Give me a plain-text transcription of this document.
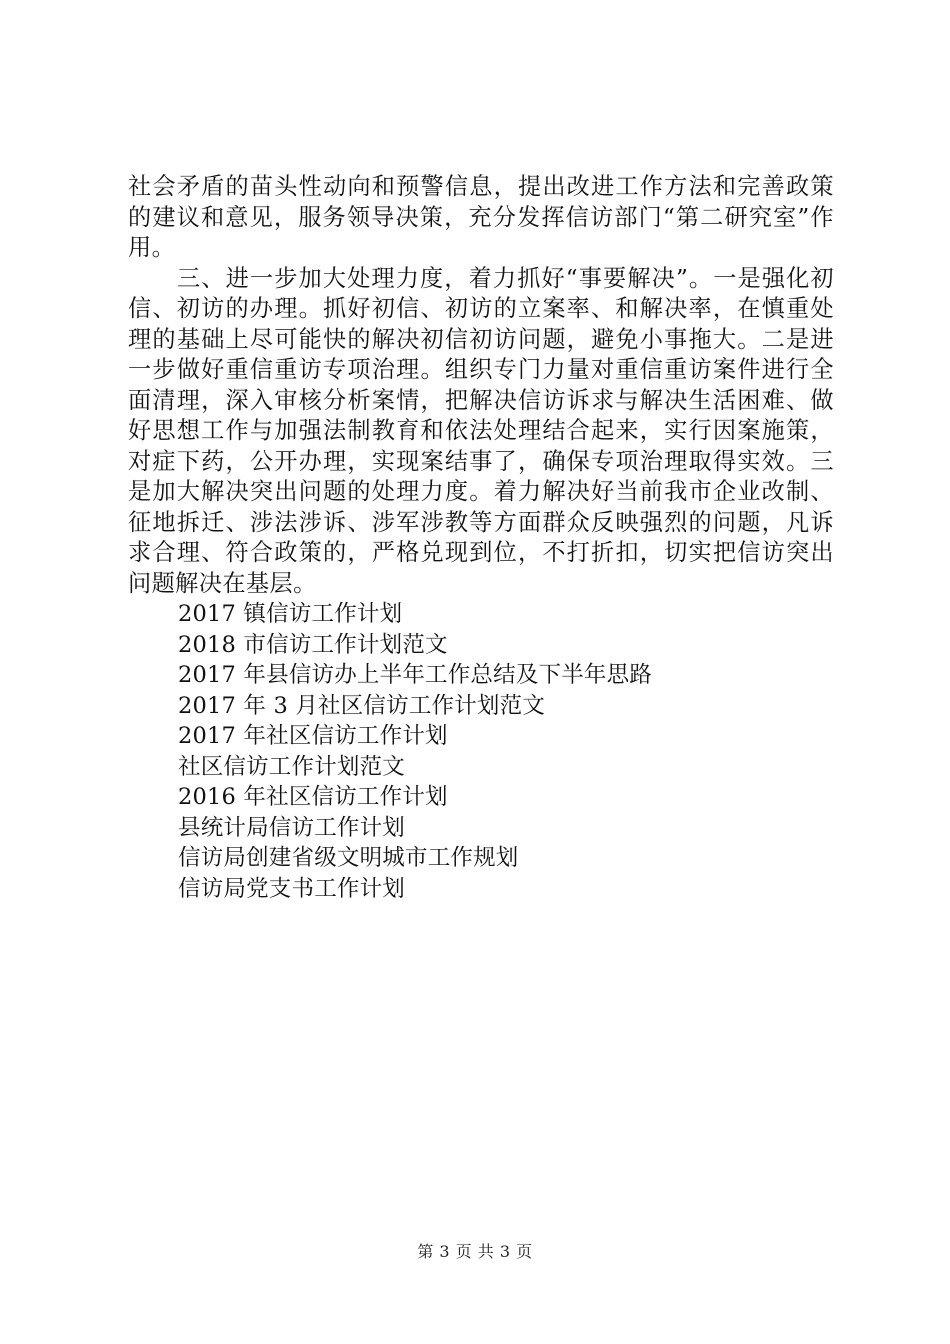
社会矛盾的苗头性动向和预警信息，提出改进工作方法和完善政策的建议和意见，服务领导决策，充分发挥信访部门“第二研究室”作用。

三、进一步加大处理力度，着力抓好“事要解决”。一是强化初信、初访的办理。抓好初信、初访的立案率、和解决率，在慎重处理的基础上尽可能快的解决初信初访问题，避免小事拖大。二是进一步做好重信重访专项治理。组织专门力量对重信重访案件进行全面清理，深入审核分析案情，把解决信访诉求与解决生活困难、做好思想工作与加强法制教育和依法处理结合起来，实行因案施策，对症下药，公开办理，实现案结事了，确保专项治理取得实效。三是加大解决突出问题的处理力度。着力解决好当前我市企业改制、征地拆迁、涉法涉诉、涉军涉教等方面群众反映强烈的问题，凡诉求合理、符合政策的，严格兑现到位，不打折扣，切实把信访突出问题解决在基层。

2017 镇信访工作计划
2018 市信访工作计划范文
2017 年县信访办上半年工作总结及下半年思路
2017 年 3 月社区信访工作计划范文
2017 年社区信访工作计划
社区信访工作计划范文
2016 年社区信访工作计划
县统计局信访工作计划
信访局创建省级文明城市工作规划
信访局党支书工作计划
第 3 页 共 3 页
